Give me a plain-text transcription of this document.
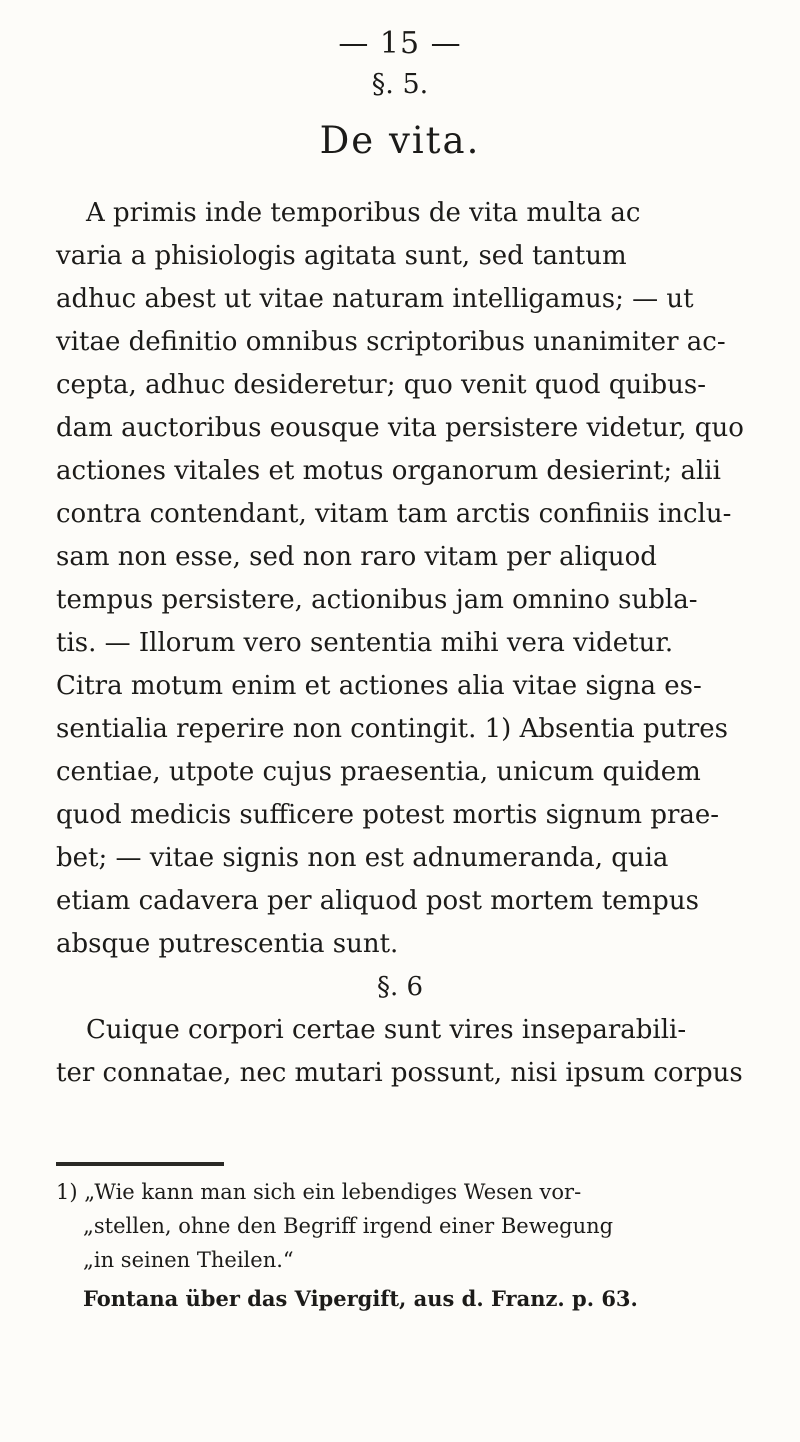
— 15 —
§. 5.
De vita.
A primis inde temporibus de vita multa ac
varia a phisiologis agitata sunt, sed tantum
adhuc abest ut vitae naturam intelligamus; — ut
vitae definitio omnibus scriptoribus unanimiter ac-
cepta, adhuc desideretur; quo venit quod quibus-
dam auctoribus eousque vita persistere videtur, quo
actiones vitales et motus organorum desierint; alii
contra contendant, vitam tam arctis confiniis inclu-
sam non esse, sed non raro vitam per aliquod
tempus persistere, actionibus jam omnino subla-
tis. — Illorum vero sententia mihi vera videtur.
Citra motum enim et actiones alia vitae signa es-
sentialia reperire non contingit. 1) Absentia putres
centiae, utpote cujus praesentia, unicum quidem
quod medicis sufficere potest mortis signum prae-
bet; — vitae signis non est adnumeranda, quia
etiam cadavera per aliquod post mortem tempus
absque putrescentia sunt.
§. 6
Cuique corpori certae sunt vires inseparabili-
ter connatae, nec mutari possunt, nisi ipsum corpus
1) „Wie kann man sich ein lebendiges Wesen vor-
„stellen, ohne den Begriff irgend einer Bewegung
„in seinen Theilen.“
Fontana über das Vipergift, aus d. Franz. p. 63.
